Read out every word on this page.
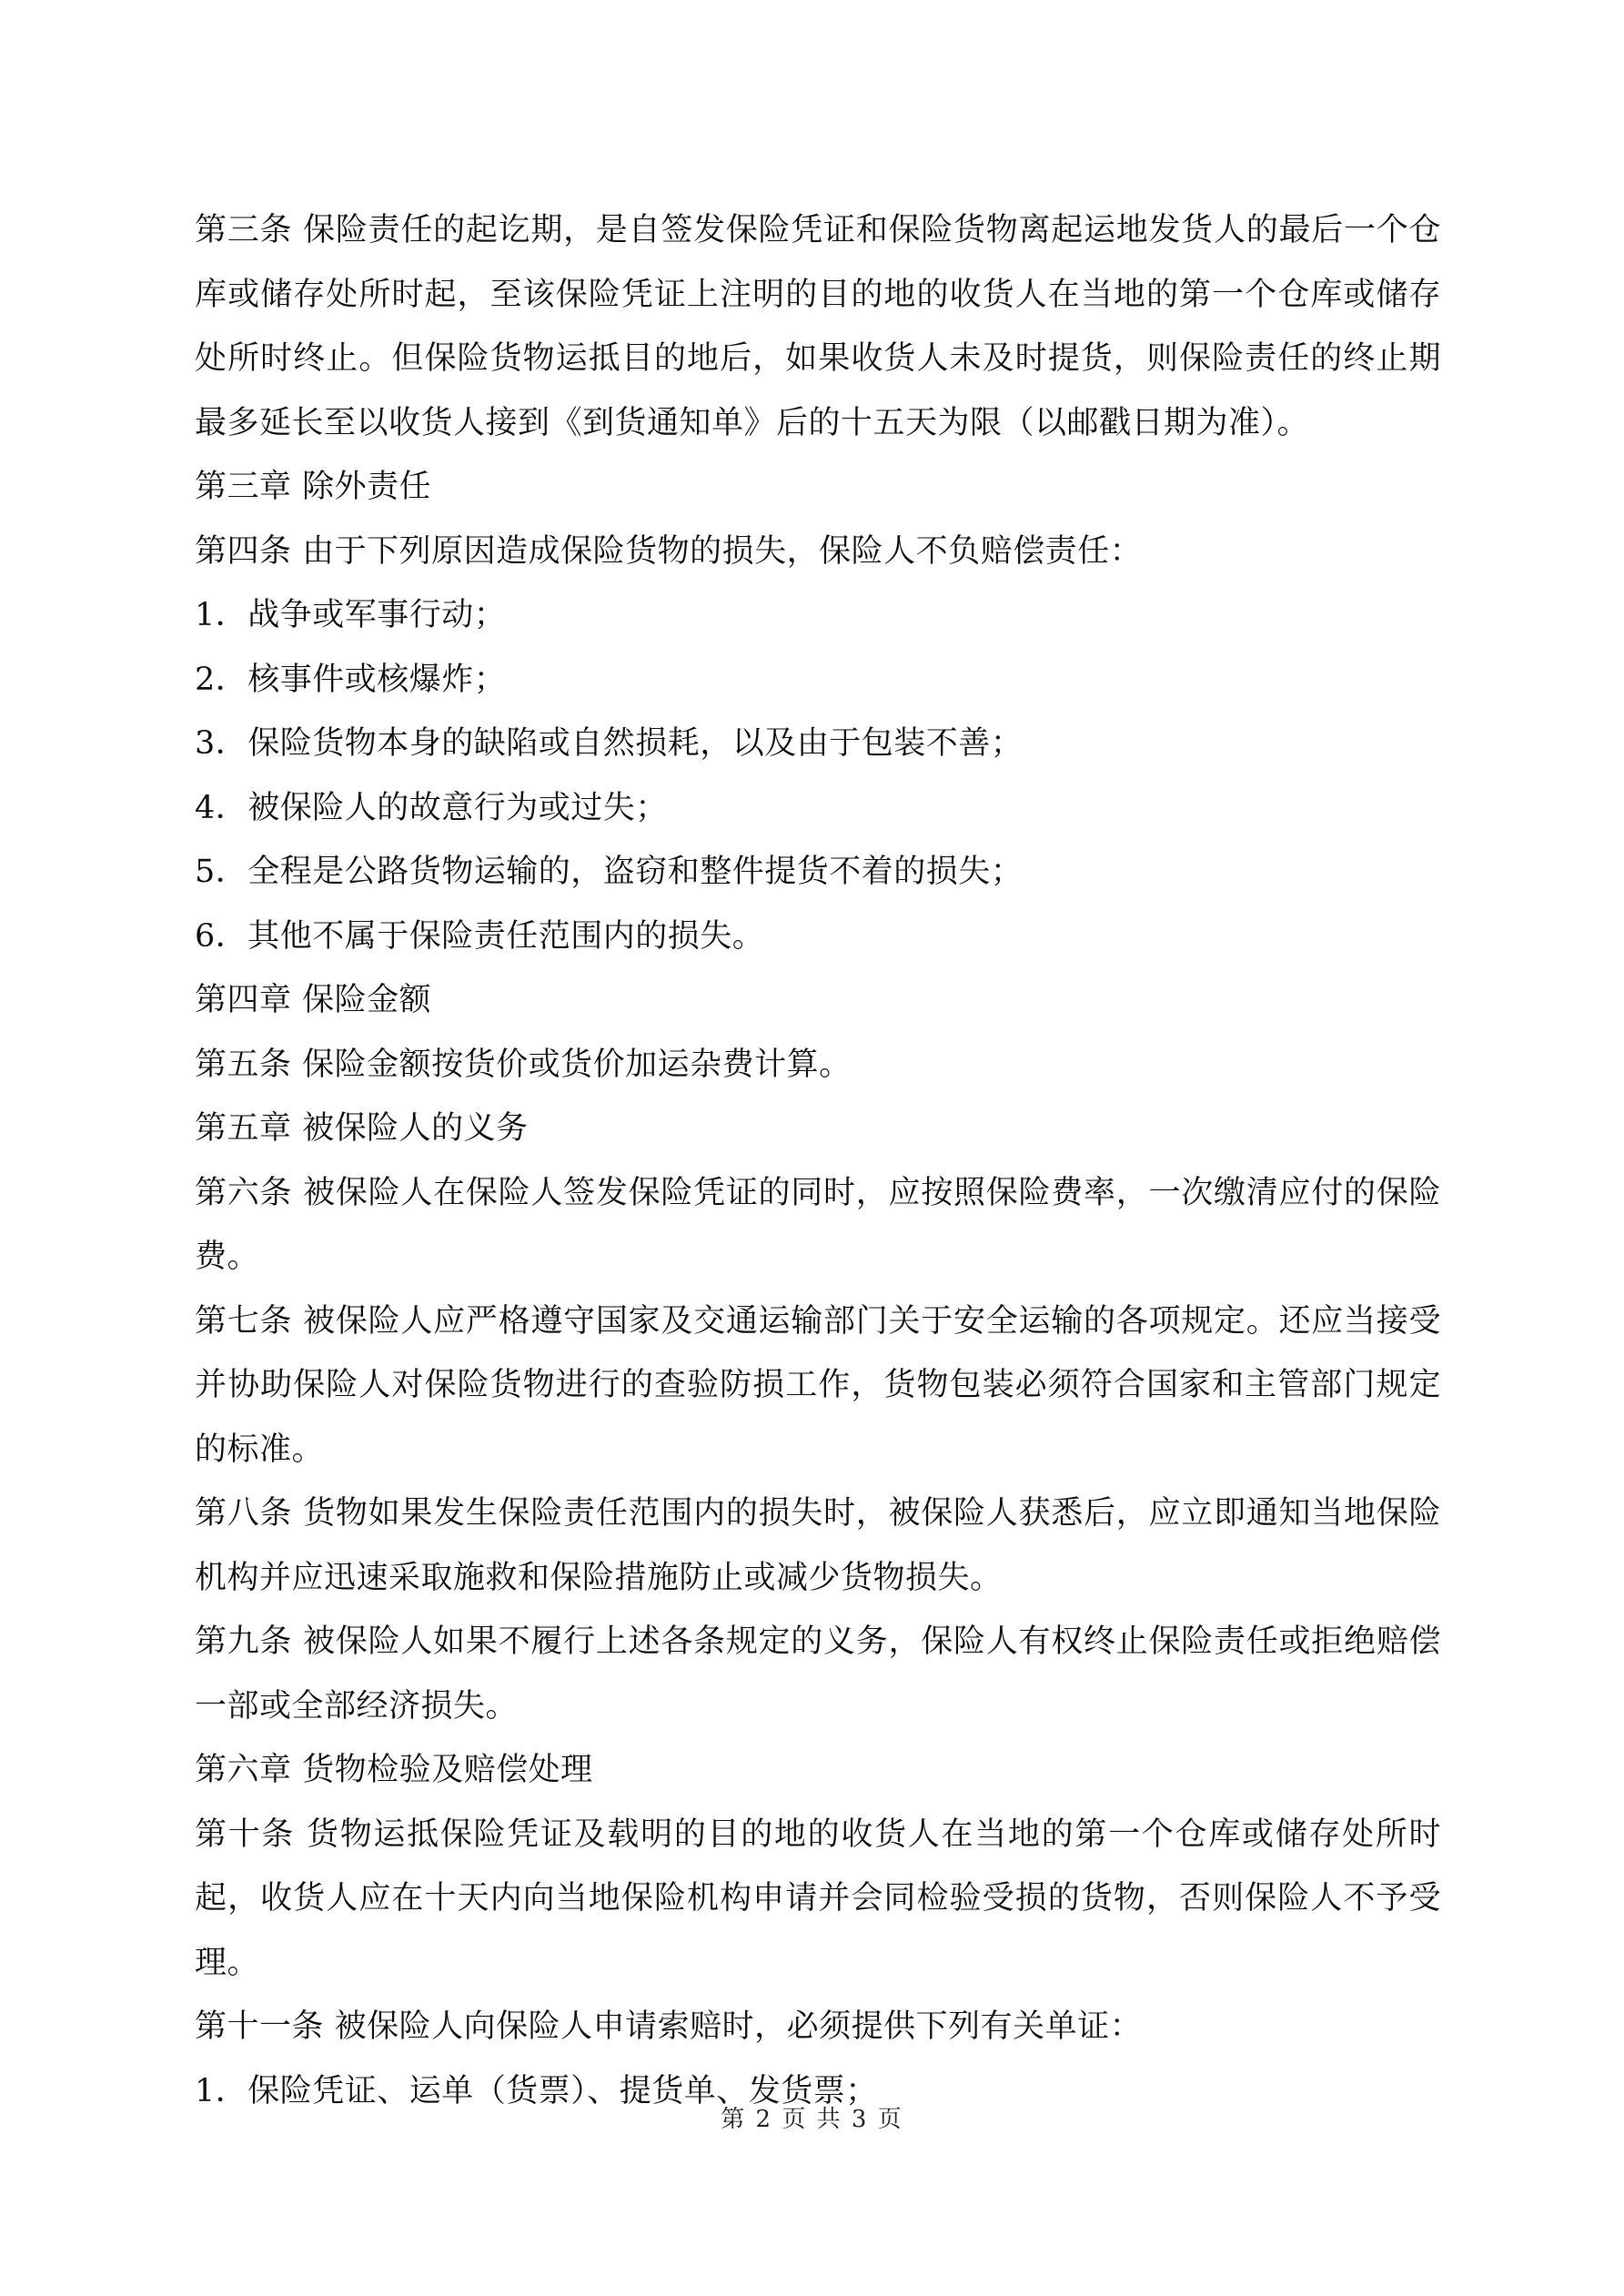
第三条 保险责任的起讫期，是自签发保险凭证和保险货物离起运地发货人的最后一个仓库或储存处所时起，至该保险凭证上注明的目的地的收货人在当地的第一个仓库或储存处所时终止。但保险货物运抵目的地后，如果收货人未及时提货，则保险责任的终止期最多延长至以收货人接到《到货通知单》后的十五天为限（以邮戳日期为准）。

第三章 除外责任

第四条 由于下列原因造成保险货物的损失，保险人不负赔偿责任：

1．战争或军事行动；

2．核事件或核爆炸；

3．保险货物本身的缺陷或自然损耗，以及由于包装不善；

4．被保险人的故意行为或过失；

5．全程是公路货物运输的，盗窃和整件提货不着的损失；

6．其他不属于保险责任范围内的损失。

第四章 保险金额

第五条 保险金额按货价或货价加运杂费计算。

第五章 被保险人的义务

第六条 被保险人在保险人签发保险凭证的同时，应按照保险费率，一次缴清应付的保险费。

第七条 被保险人应严格遵守国家及交通运输部门关于安全运输的各项规定。还应当接受并协助保险人对保险货物进行的查验防损工作，货物包装必须符合国家和主管部门规定的标准。

第八条 货物如果发生保险责任范围内的损失时，被保险人获悉后，应立即通知当地保险机构并应迅速采取施救和保险措施防止或减少货物损失。

第九条 被保险人如果不履行上述各条规定的义务，保险人有权终止保险责任或拒绝赔偿一部或全部经济损失。

第六章 货物检验及赔偿处理

第十条 货物运抵保险凭证及载明的目的地的收货人在当地的第一个仓库或储存处所时起，收货人应在十天内向当地保险机构申请并会同检验受损的货物，否则保险人不予受理。

第十一条 被保险人向保险人申请索赔时，必须提供下列有关单证：

1．保险凭证、运单（货票）、提货单、发货票；

第 2 页 共 3 页
